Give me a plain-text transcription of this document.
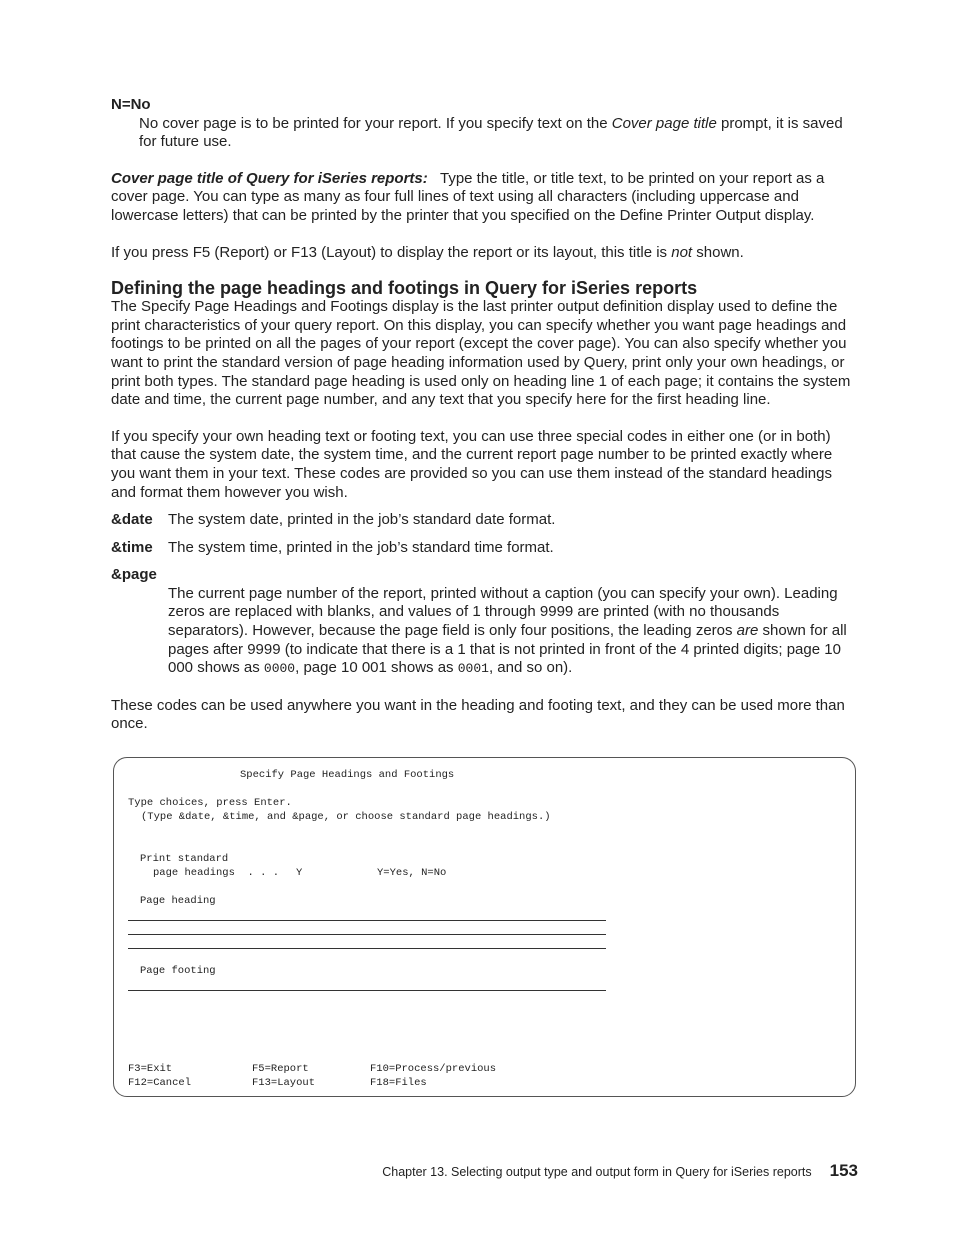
N=No

No cover page is to be printed for your report. If you specify text on the Cover page title prompt, it is saved for future use.

Cover page title of Query for iSeries reports: Type the title, or title text, to be printed on your report as a cover page. You can type as many as four full lines of text using all characters (including uppercase and lowercase letters) that can be printed by the printer that you specified on the Define Printer Output display.

If you press F5 (Report) or F13 (Layout) to display the report or its layout, this title is not shown.

Defining the page headings and footings in Query for iSeries reports

The Specify Page Headings and Footings display is the last printer output definition display used to define the print characteristics of your query report. On this display, you can specify whether you want page headings and footings to be printed on all the pages of your report (except the cover page). You can also specify whether you want to print the standard version of page heading information used by Query, print only your own headings, or print both types. The standard page heading is used only on heading line 1 of each page; it contains the system date and time, the current page number, and any text that you specify here for the first heading line.

If you specify your own heading text or footing text, you can use three special codes in either one (or in both) that cause the system date, the system time, and the current report page number to be printed exactly where you want them in your text. These codes are provided so you can use them instead of the standard headings and format them however you wish.

&date	The system date, printed in the job’s standard date format.
&time	The system time, printed in the job’s standard time format.

&page

The current page number of the report, printed without a caption (you can specify your own). Leading zeros are replaced with blanks, and values of 1 through 9999 are printed (with no thousands separators). However, because the page field is only four positions, the leading zeros are shown for all pages after 9999 (to indicate that there is a 1 that is not printed in front of the 4 printed digits; page 10 000 shows as 0000, page 10 001 shows as 0001, and so on).

These codes can be used anywhere you want in the heading and footing text, and they can be used more than once.

Specify Page Headings and Footings
Type choices, press Enter.
(Type &date, &time, and &page, or choose standard page headings.)
Print standard
page headings  . . . Y	Y=Yes, N=No
Page heading
Page footing
F3=Exit	F5=Report	F10=Process/previous
F12=Cancel	F13=Layout	F18=Files
Chapter 13. Selecting output type and output form in Query for iSeries reports 153
